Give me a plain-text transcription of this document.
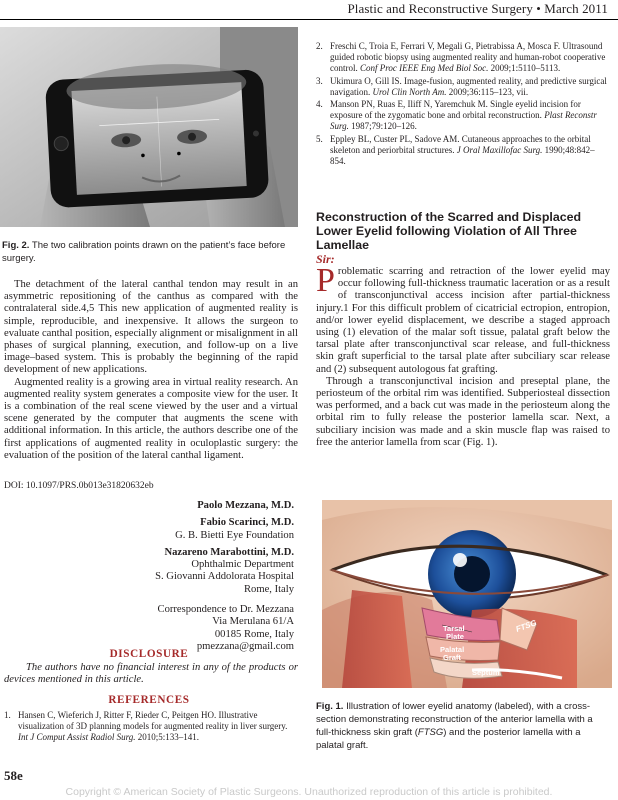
Plastic and Reconstructive Surgery • March 2011
Fig. 2. The two calibration points drawn on the patient’s face before surgery.

The detachment of the lateral canthal tendon may result in an asymmetric repositioning of the canthus as compared with the contralateral side.4,5 This new application of augmented reality is simple, reproducible, and inexpensive. It allows the surgeon to evaluate canthal position, especially alignment or misalignment in all phases of surgical planning, execution, and follow-up on a live image–based system. This is probably the beginning of the rapid development of new applications.

Augmented reality is a growing area in virtual reality research. An augmented reality system generates a composite view for the user. It is a combination of the real scene viewed by the user and a virtual scene generated by the computer that augments the scene with additional information. In this article, the authors describe one of the first applications of augmented reality in oculoplastic surgery: the evaluation of the position of the lateral canthal ligament.

DOI: 10.1097/PRS.0b013e31820632eb
Paolo Mezzana, M.D.
Fabio Scarinci, M.D.
G. B. Bietti Eye Foundation
Nazareno Marabottini, M.D.
Ophthalmic Department
S. Giovanni Addolorata Hospital
Rome, Italy
Correspondence to Dr. Mezzana
Via Merulana 61/A
00185 Rome, Italy
pmezzana@gmail.com
DISCLOSURE
The authors have no financial interest in any of the products or devices mentioned in this article.
REFERENCES
1. Hansen C, Wieferich J, Ritter F, Rieder C, Peitgen HO. Illustrative visualization of 3D planning models for augmented reality in liver surgery. Int J Comput Assist Radiol Surg. 2010;5:133–141.
2. Freschi C, Troia E, Ferrari V, Megali G, Pietrabissa A, Mosca F. Ultrasound guided robotic biopsy using augmented reality and human-robot cooperative control. Conf Proc IEEE Eng Med Biol Soc. 2009;1:5110–5113.
3. Ukimura O, Gill IS. Image-fusion, augmented reality, and predictive surgical navigation. Urol Clin North Am. 2009;36:115–123, vii.
4. Manson PN, Ruas E, Iliff N, Yaremchuk M. Single eyelid incision for exposure of the zygomatic bone and orbital reconstruction. Plast Reconstr Surg. 1987;79:120–126.
5. Eppley BL, Custer PL, Sadove AM. Cutaneous approaches to the orbital skeleton and periorbital structures. J Oral Maxillofac Surg. 1990;48:842–854.
Reconstruction of the Scarred and Displaced Lower Eyelid following Violation of All Three Lamellae
Sir:
P roblematic scarring and retraction of the lower eyelid may occur following full-thickness traumatic laceration or as a result of transconjunctival access incision after partial-thickness injury.1 For this difficult problem of cicatricial ectropion, entropion, and/or lower eyelid displacement, we describe a staged approach using (1) elevation of the malar soft tissue, palatal graft below the tarsal plate after transconjunctival scar release, and full-thickness skin graft superficial to the tarsal plate after subciliary scar release and (2) subsequent autologous fat grafting.

Through a transconjunctival incision and preseptal plane, the periosteum of the orbital rim was identified. Subperiosteal dissection was performed, and a back cut was made in the periosteum along the orbital rim to fully release the posterior lamella scar. Next, a subciliary incision was made and a skin muscle flap was raised to free the anterior lamella from scar (Fig. 1).

Tarsal
Plate
Palatal
Graft
Septum
FTSG
Fig. 1. Illustration of lower eyelid anatomy (labeled), with a cross-section demonstrating reconstruction of the anterior lamella with a full-thickness skin graft (FTSG) and the posterior lamella with a palatal graft.
58e
Copyright © American Society of Plastic Surgeons. Unauthorized reproduction of this article is prohibited.
